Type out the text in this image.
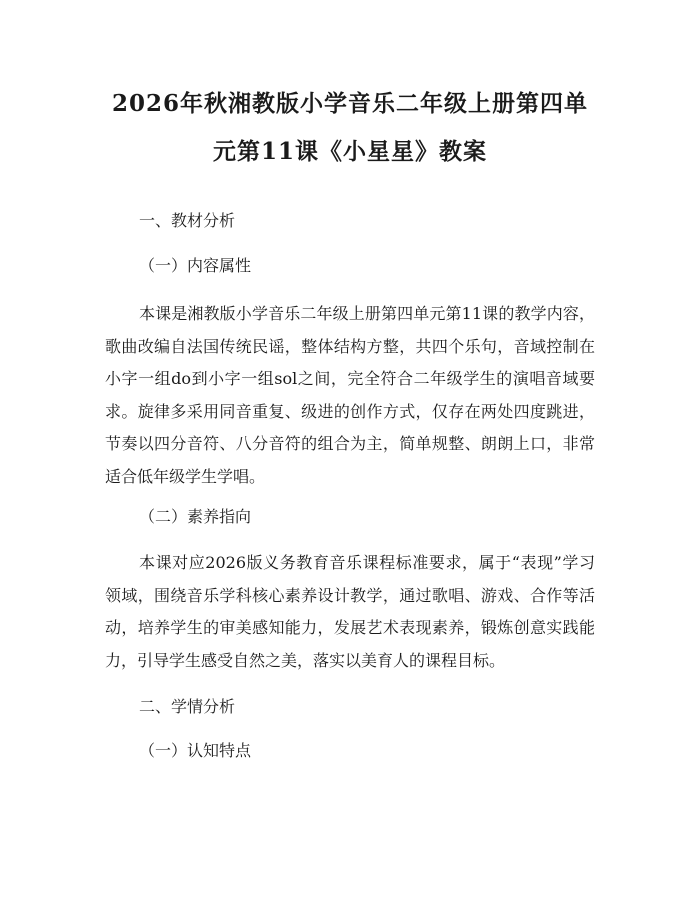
2026年秋湘教版小学音乐二年级上册第四单
元第11课《小星星》教案

一、教材分析

（一）内容属性

本课是湘教版小学音乐二年级上册第四单元第11课的教学内容，歌曲改编自法国传统民谣，整体结构方整，共四个乐句，音域控制在小字一组do到小字一组sol之间，完全符合二年级学生的演唱音域要求。旋律多采用同音重复、级进的创作方式，仅存在两处四度跳进，节奏以四分音符、八分音符的组合为主，简单规整、朗朗上口，非常适合低年级学生学唱。

（二）素养指向

本课对应2026版义务教育音乐课程标准要求，属于“表现”学习领域，围绕音乐学科核心素养设计教学，通过歌唱、游戏、合作等活动，培养学生的审美感知能力，发展艺术表现素养，锻炼创意实践能力，引导学生感受自然之美，落实以美育人的课程目标。

二、学情分析

（一）认知特点
